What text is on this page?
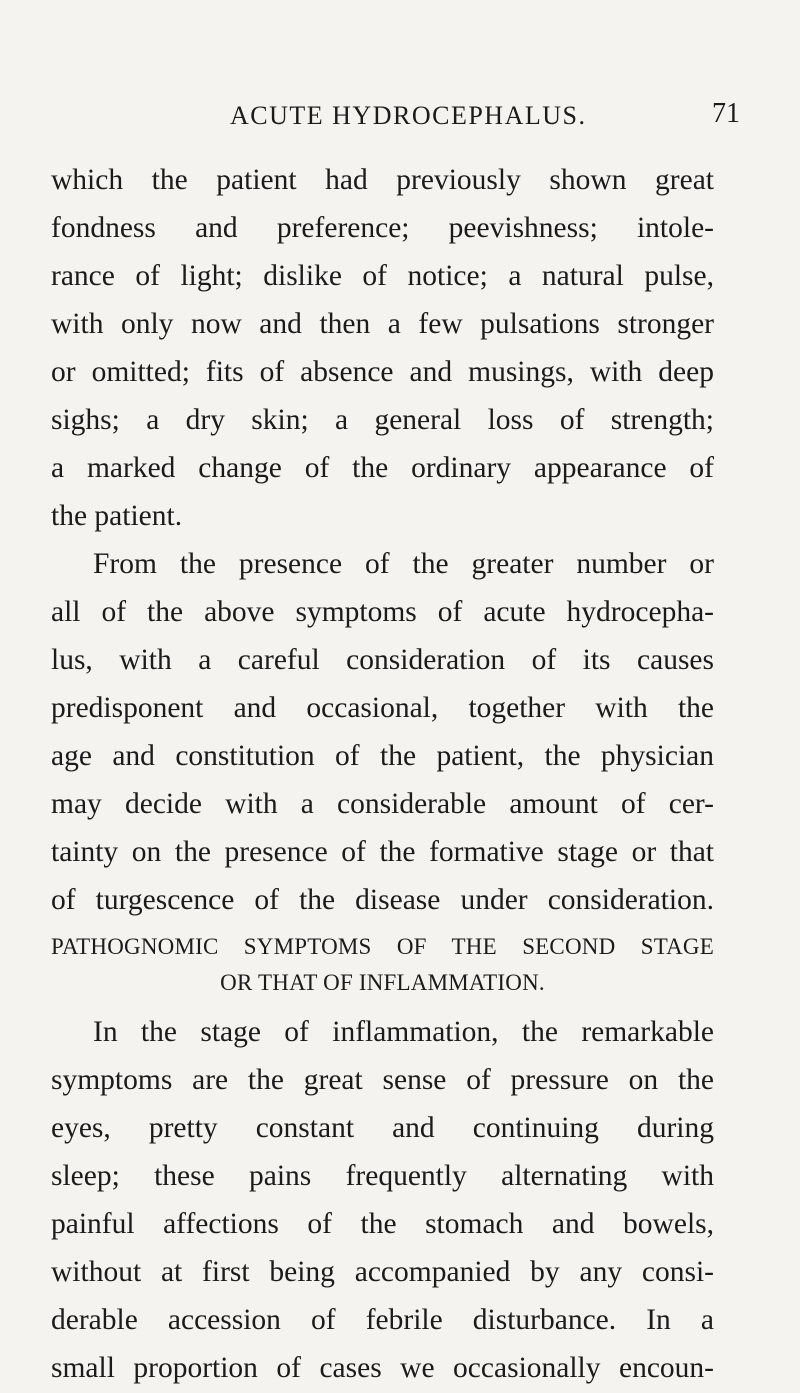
ACUTE HYDROCEPHALUS.	71
which the patient had previously shown great
fondness and preference; peevishness; intole-
rance of light; dislike of notice; a natural pulse,
with only now and then a few pulsations stronger
or omitted; fits of absence and musings, with deep
sighs; a dry skin; a general loss of strength;
a marked change of the ordinary appearance of
the patient.
From the presence of the greater number or
all of the above symptoms of acute hydrocepha-
lus, with a careful consideration of its causes
predisponent and occasional, together with the
age and constitution of the patient, the physician
may decide with a considerable amount of cer-
tainty on the presence of the formative stage or that
of turgescence of the disease under consideration.
PATHOGNOMIC SYMPTOMS OF THE SECOND STAGE
OR THAT OF INFLAMMATION.
In the stage of inflammation, the remarkable
symptoms are the great sense of pressure on the
eyes, pretty constant and continuing during
sleep; these pains frequently alternating with
painful affections of the stomach and bowels,
without at first being accompanied by any consi-
derable accession of febrile disturbance. In a
small proportion of cases we occasionally encoun-
